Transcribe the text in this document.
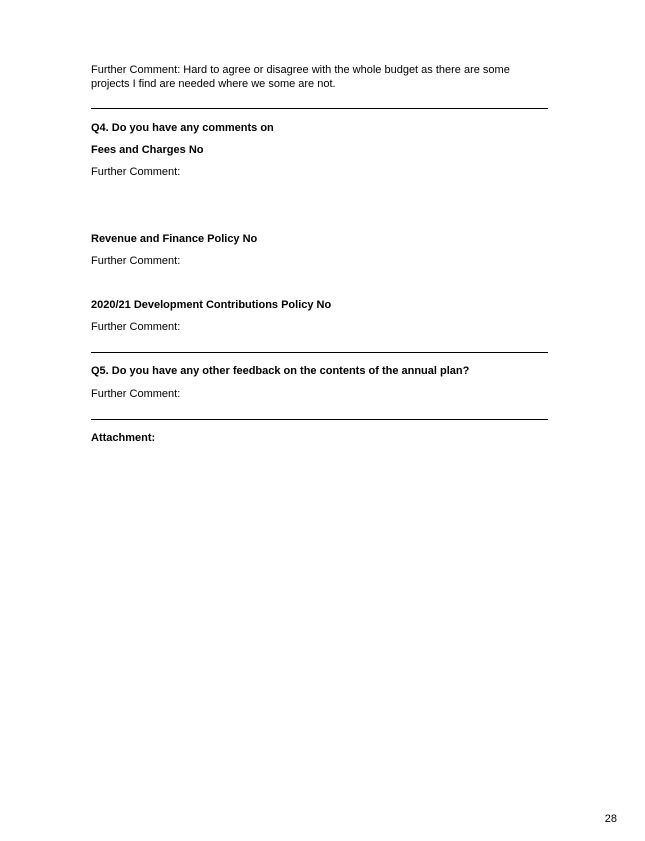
Further Comment: Hard to agree or disagree with the whole budget as there are some
projects I find are needed where we some are not.
Q4. Do you have any comments on
Fees and Charges No
Further Comment:
Revenue and Finance Policy No
Further Comment:
2020/21 Development Contributions Policy No
Further Comment:
Q5. Do you have any other feedback on the contents of the annual plan?
Further Comment:
Attachment:
28
